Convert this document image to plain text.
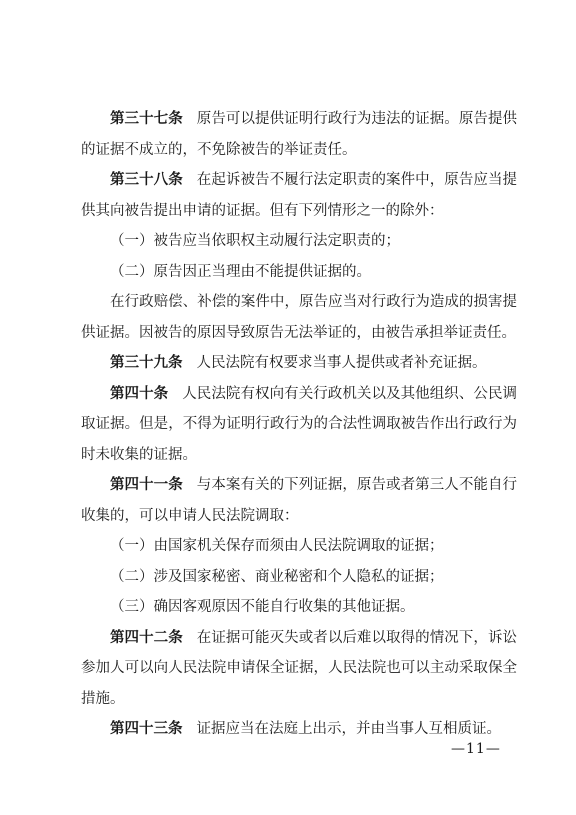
第三十七条 原告可以提供证明行政行为违法的证据。原告提供的证据不成立的，不免除被告的举证责任。

第三十八条 在起诉被告不履行法定职责的案件中，原告应当提供其向被告提出申请的证据。但有下列情形之一的除外：

（一）被告应当依职权主动履行法定职责的；

（二）原告因正当理由不能提供证据的。

在行政赔偿、补偿的案件中，原告应当对行政行为造成的损害提供证据。因被告的原因导致原告无法举证的，由被告承担举证责任。

第三十九条 人民法院有权要求当事人提供或者补充证据。

第四十条 人民法院有权向有关行政机关以及其他组织、公民调取证据。但是，不得为证明行政行为的合法性调取被告作出行政行为时未收集的证据。

第四十一条 与本案有关的下列证据，原告或者第三人不能自行收集的，可以申请人民法院调取：

（一）由国家机关保存而须由人民法院调取的证据；

（二）涉及国家秘密、商业秘密和个人隐私的证据；

（三）确因客观原因不能自行收集的其他证据。

第四十二条 在证据可能灭失或者以后难以取得的情况下，诉讼参加人可以向人民法院申请保全证据，人民法院也可以主动采取保全措施。

第四十三条 证据应当在法庭上出示，并由当事人互相质证。

—11—
